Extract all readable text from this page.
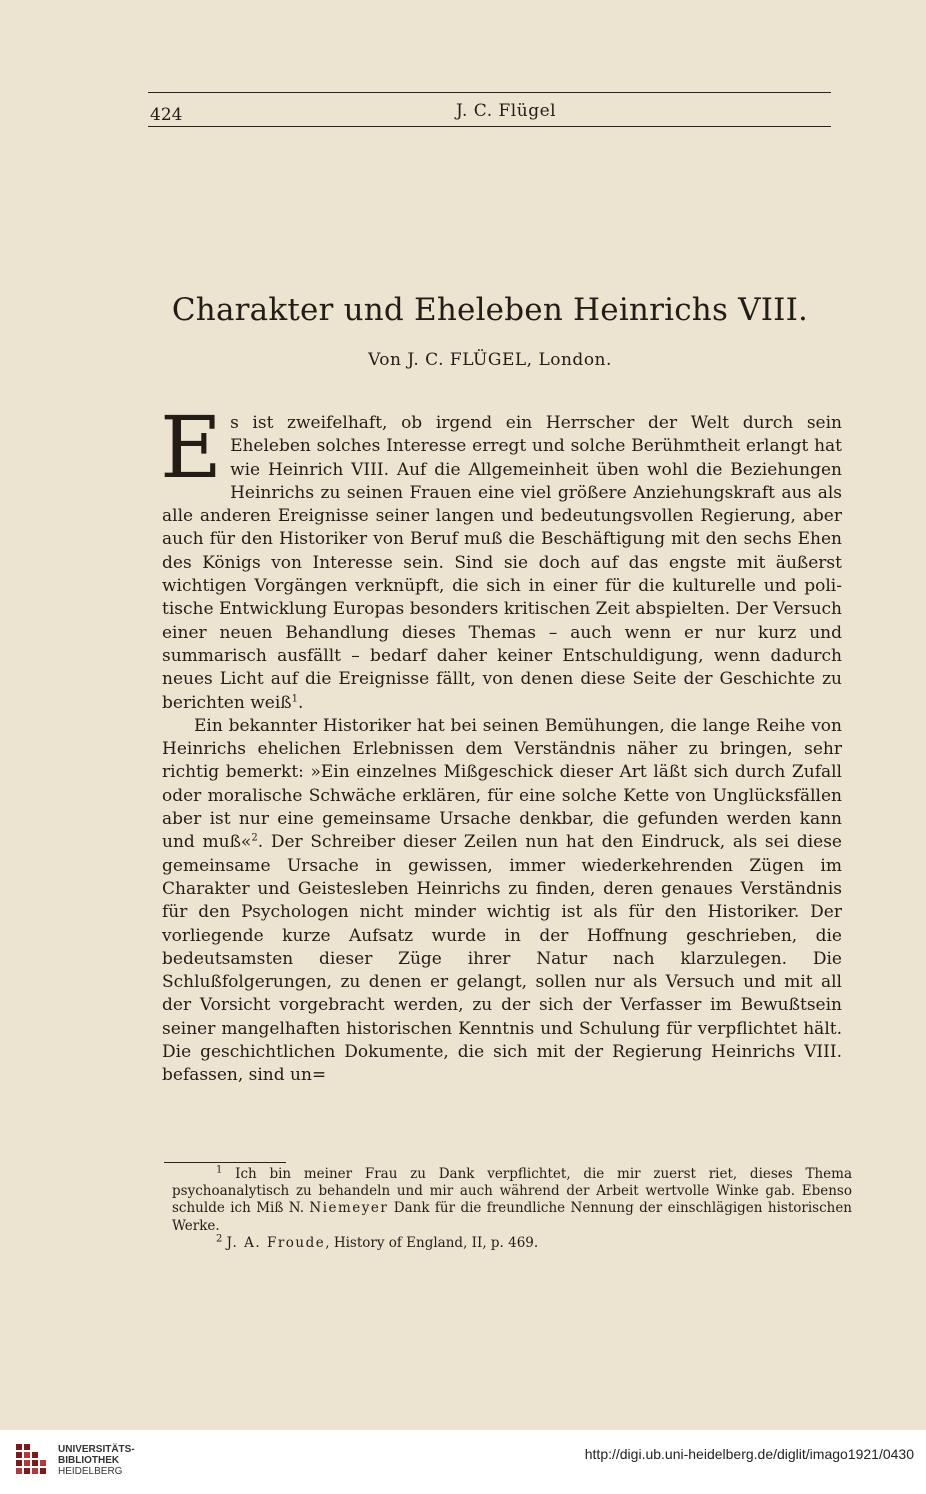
424	J. C. Flügel
Charakter und Eheleben Heinrichs VIII.
Von J. C. FLÜGEL, London.

Es ist zweifelhaft, ob irgend ein Herrscher der Welt durch sein Eheleben solches Interesse erregt und solche Berühmtheit erlangt hat wie Heinrich VIII. Auf die Allgemeinheit üben wohl die Beziehungen Heinrichs zu seinen Frauen eine viel größere Anziehungskraft aus als alle anderen Ereignisse seiner langen und bedeutungsvollen Regierung, aber auch für den Historiker von Beruf muß die Beschäftigung mit den sechs Ehen des Königs von Interesse sein. Sind sie doch auf das engste mit äußerst wichtigen Vorgängen verknüpft, die sich in einer für die kulturelle und politische Entwicklung Europas besonders kritischen Zeit abspielten. Der Versuch einer neuen Behandlung dieses Themas – auch wenn er nur kurz und summarisch ausfällt – bedarf daher keiner Entschuldigung, wenn dadurch neues Licht auf die Ereignisse fällt, von denen diese Seite der Geschichte zu berichten weiß$^1$.

Ein bekannter Historiker hat bei seinen Bemühungen, die lange Reihe von Heinrichs ehelichen Erlebnissen dem Verständnis näher zu bringen, sehr richtig bemerkt: »Ein einzelnes Mißgeschick dieser Art läßt sich durch Zufall oder moralische Schwäche erklären, für eine solche Kette von Unglücksfällen aber ist nur eine gemeinsame Ursache denkbar, die gefunden werden kann und muß«$^2$. Der Schreiber dieser Zeilen nun hat den Eindruck, als sei diese gemeinsame Ursache in gewissen, immer wiederkehrenden Zügen im Charakter und Geistesleben Heinrichs zu finden, deren genaues Verständnis für den Psychologen nicht minder wichtig ist als für den Historiker. Der vorliegende kurze Aufsatz wurde in der Hoffnung geschrieben, die bedeutsamsten dieser Züge ihrer Natur nach klarzulegen. Die Schlußfolgerungen, zu denen er gelangt, sollen nur als Versuch und mit all der Vorsicht vorgebracht werden, zu der sich der Verfasser im Bewußtsein seiner mangelhaften historischen Kenntnis und Schulung für verpflichtet hält. Die geschichtlichen Dokumente, die sich mit der Regierung Heinrichs VIII. befassen, sind un=

$^1$ Ich bin meiner Frau zu Dank verpflichtet, die mir zuerst riet, dieses Thema psychoanalytisch zu behandeln und mir auch während der Arbeit wertvolle Winke gab. Ebenso schulde ich Miß N. Niemeyer Dank für die freundliche Nennung der einschlägigen historischen Werke.

$^2$ J. A. Froude, History of England, II, p. 469.

UNIVERSITÄTS-
BIBLIOTHEK
HEIDELBERG
http://digi.ub.uni-heidelberg.de/diglit/imago1921/0430
